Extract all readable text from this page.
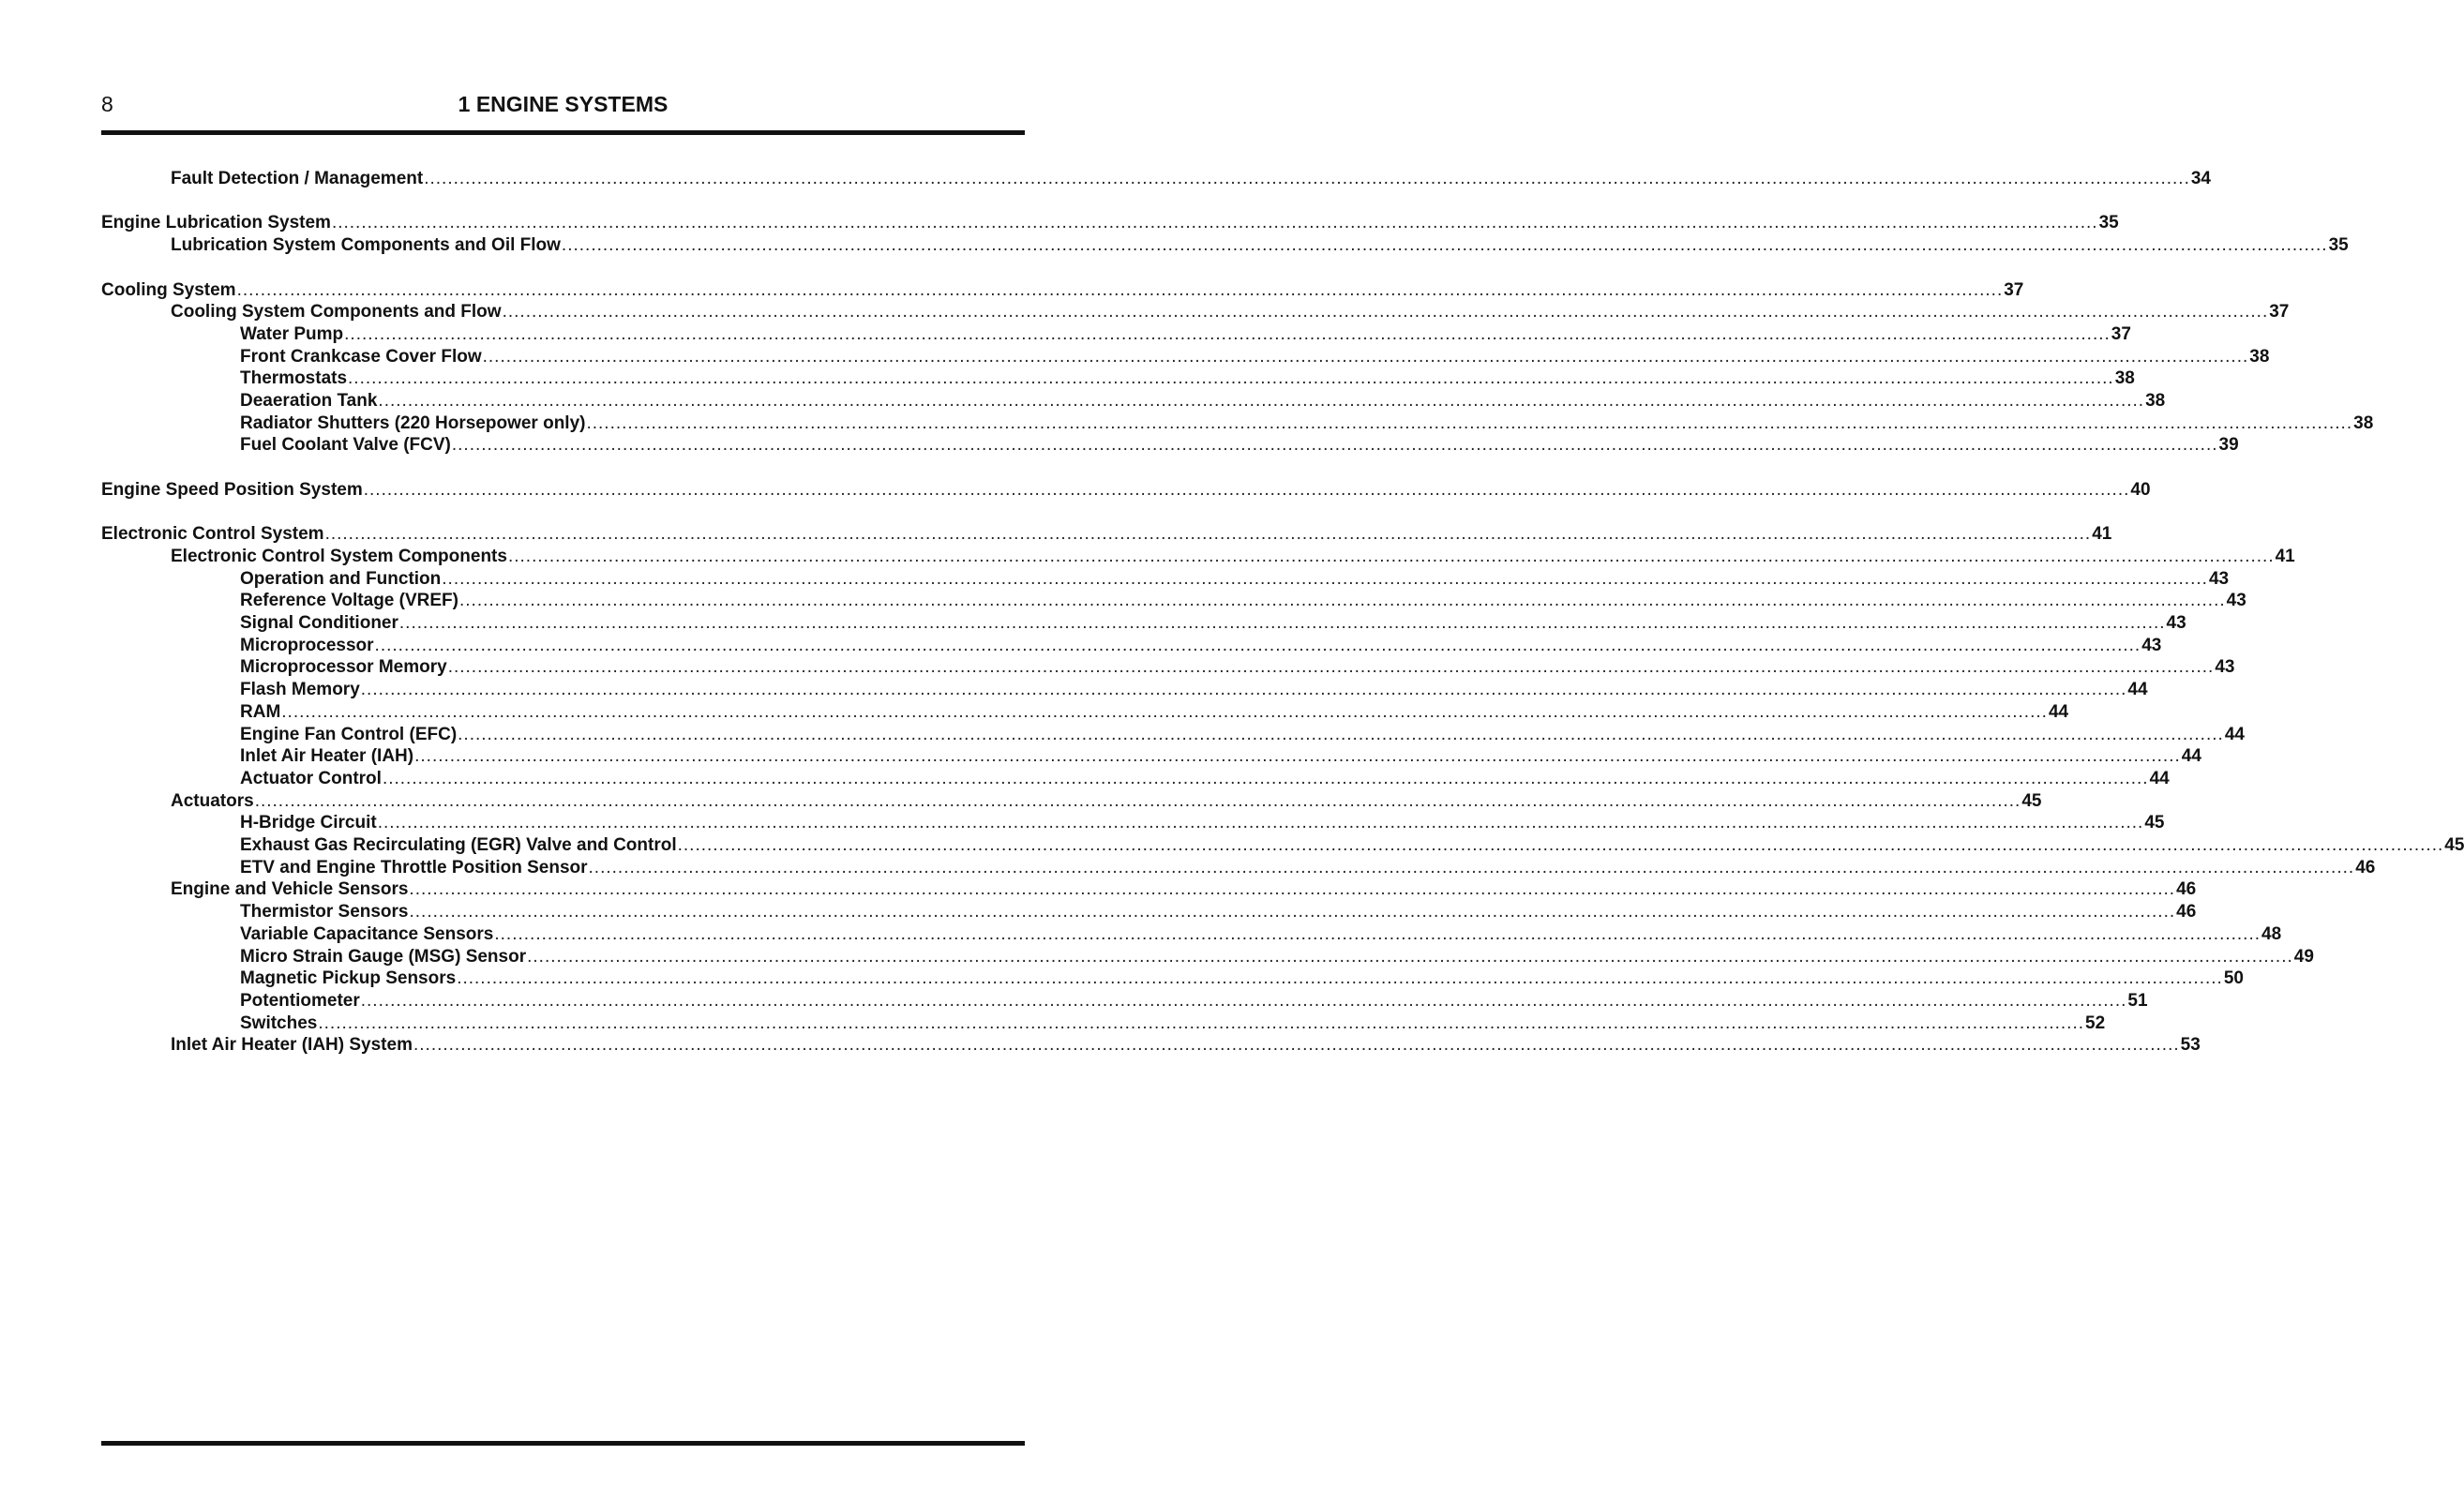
8	1 ENGINE SYSTEMS
Fault Detection / Management ............................................................................................................................................................................................................................................................................................................ 34
Engine Lubrication System ............................................................................................................................................................................................................................................................................................................ 35
Lubrication System Components and Oil Flow ............................................................................................................................................................................................................................................................................................................ 35
Cooling System ............................................................................................................................................................................................................................................................................................................ 37
Cooling System Components and Flow ............................................................................................................................................................................................................................................................................................................ 37
Water Pump ............................................................................................................................................................................................................................................................................................................ 37
Front Crankcase Cover Flow ............................................................................................................................................................................................................................................................................................................ 38
Thermostats ............................................................................................................................................................................................................................................................................................................ 38
Deaeration Tank ............................................................................................................................................................................................................................................................................................................ 38
Radiator Shutters (220 Horsepower only) ............................................................................................................................................................................................................................................................................................................ 38
Fuel Coolant Valve (FCV) ............................................................................................................................................................................................................................................................................................................ 39
Engine Speed Position System ............................................................................................................................................................................................................................................................................................................ 40
Electronic Control System ............................................................................................................................................................................................................................................................................................................ 41
Electronic Control System Components ............................................................................................................................................................................................................................................................................................................ 41
Operation and Function ............................................................................................................................................................................................................................................................................................................ 43
Reference Voltage (VREF) ............................................................................................................................................................................................................................................................................................................ 43
Signal Conditioner ............................................................................................................................................................................................................................................................................................................ 43
Microprocessor ............................................................................................................................................................................................................................................................................................................ 43
Microprocessor Memory ............................................................................................................................................................................................................................................................................................................ 43
Flash Memory ............................................................................................................................................................................................................................................................................................................ 44
RAM ............................................................................................................................................................................................................................................................................................................ 44
Engine Fan Control (EFC) ............................................................................................................................................................................................................................................................................................................ 44
Inlet Air Heater (IAH) ............................................................................................................................................................................................................................................................................................................ 44
Actuator Control ............................................................................................................................................................................................................................................................................................................ 44
Actuators ............................................................................................................................................................................................................................................................................................................ 45
H-Bridge Circuit ............................................................................................................................................................................................................................................................................................................ 45
Exhaust Gas Recirculating (EGR) Valve and Control ............................................................................................................................................................................................................................................................................................................ 45
ETV and Engine Throttle Position Sensor ............................................................................................................................................................................................................................................................................................................ 46
Engine and Vehicle Sensors ............................................................................................................................................................................................................................................................................................................ 46
Thermistor Sensors ............................................................................................................................................................................................................................................................................................................ 46
Variable Capacitance Sensors ............................................................................................................................................................................................................................................................................................................ 48
Micro Strain Gauge (MSG) Sensor ............................................................................................................................................................................................................................................................................................................ 49
Magnetic Pickup Sensors ............................................................................................................................................................................................................................................................................................................ 50
Potentiometer ............................................................................................................................................................................................................................................................................................................ 51
Switches ............................................................................................................................................................................................................................................................................................................ 52
Inlet Air Heater (IAH) System ............................................................................................................................................................................................................................................................................................................ 53
